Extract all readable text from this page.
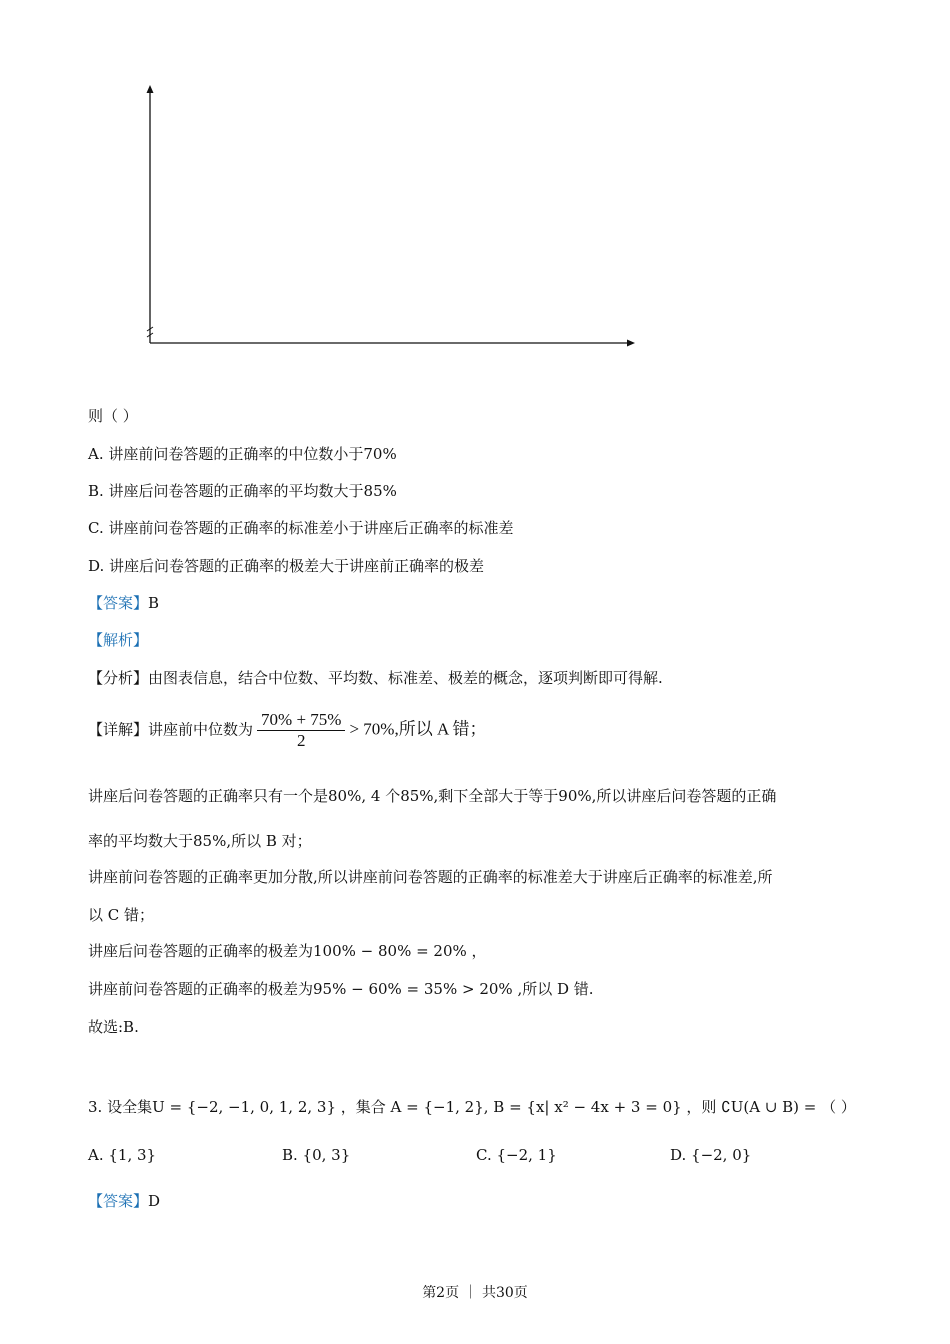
则（ ）
A. 讲座前问卷答题的正确率的中位数小于70%
B. 讲座后问卷答题的正确率的平均数大于85%
C. 讲座前问卷答题的正确率的标准差小于讲座后正确率的标准差
D. 讲座后问卷答题的正确率的极差大于讲座前正确率的极差
【答案】B
【解析】
【分析】由图表信息，结合中位数、平均数、标准差、极差的概念，逐项判断即可得解.
【详解】讲座前中位数为 $\frac{70\% + 75\%}{2} > 70\%$,所以 A 错；
讲座后问卷答题的正确率只有一个是80%, 4 个85%,剩下全部大于等于90%,所以讲座后问卷答题的正确
率的平均数大于85%,所以 B 对；
讲座前问卷答题的正确率更加分散,所以讲座前问卷答题的正确率的标准差大于讲座后正确率的标准差,所
以 C 错；
讲座后问卷答题的正确率的极差为100% − 80% = 20% ，
讲座前问卷答题的正确率的极差为95% − 60% = 35% > 20% ,所以 D 错.
故选:B.
3. 设全集U = {−2, −1, 0, 1, 2, 3} ，集合 A = {−1, 2}, B = {x| x² − 4x + 3 = 0} ，则 ∁U(A ∪ B) = （ ）
A. {1, 3}	B. {0, 3}	C. {−2, 1}	D. {−2, 0}
【答案】D
第2页 ｜ 共30页
